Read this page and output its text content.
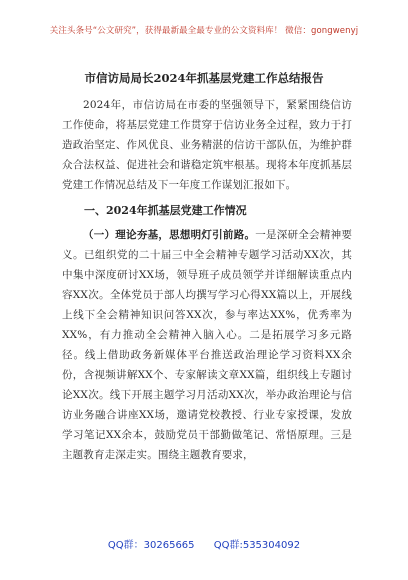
关注头条号“公文研究”，获得最新最全最专业的公文资料库！ 微信：gongwenyj
市信访局局长2024年抓基层党建工作总结报告

2024年，市信访局在市委的坚强领导下，紧紧围绕信访工作使命，将基层党建工作贯穿于信访业务全过程，致力于打造政治坚定、作风优良、业务精湛的信访干部队伍，为维护群众合法权益、促进社会和谐稳定筑牢根基。现将本年度抓基层党建工作情况总结及下一年度工作谋划汇报如下。

一、2024年抓基层党建工作情况

（一）理论夯基，思想明灯引前路。一是深研全会精神要义。已组织党的二十届三中全会精神专题学习活动XX次，其中集中深度研讨XX场，领导班子成员领学并详细解读重点内容XX次。全体党员于部人均撰写学习心得XX篇以上，开展线上线下全会精神知识问答XX次，参与率达XX%，优秀率为XX%，有力推动全会精神入脑入心。二是拓展学习多元路径。线上借助政务新媒体平台推送政治理论学习资料XX余份，含视频讲解XX个、专家解读文章XX篇，组织线上专题讨论XX次。线下开展主题学习月活动XX次，举办政治理论与信访业务融合讲座XX场，邀请党校教授、行业专家授课，发放学习笔记XX余本，鼓励党员干部勤做笔记、常悟原理。三是主题教育走深走实。围绕主题教育要求，

QQ群：30265665 QQ群:535304092
